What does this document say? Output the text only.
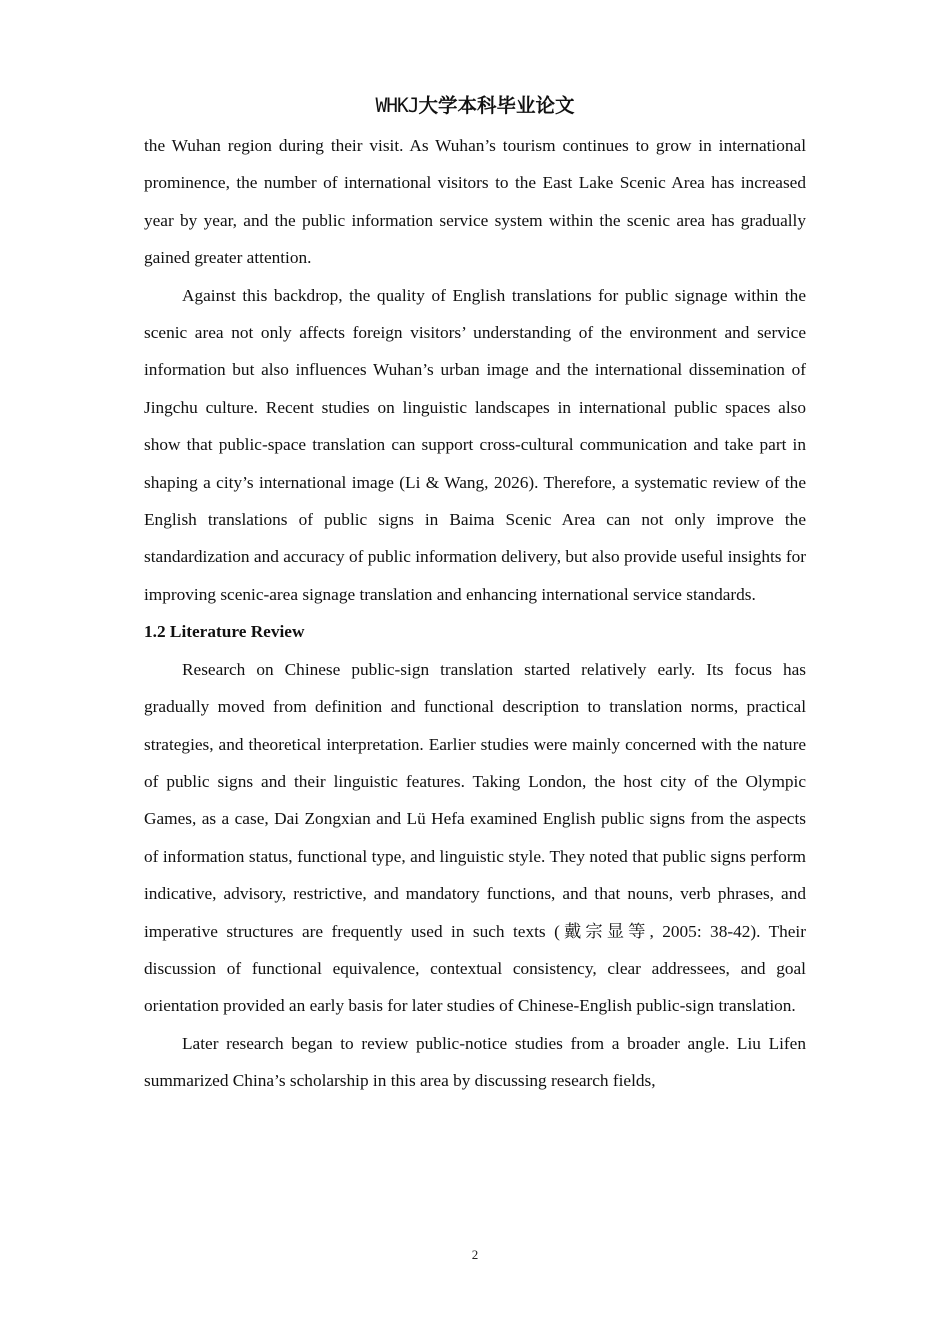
WHKJ大学本科毕业论文

the Wuhan region during their visit. As Wuhan’s tourism continues to grow in international prominence, the number of international visitors to the East Lake Scenic Area has increased year by year, and the public information service system within the scenic area has gradually gained greater attention.

Against this backdrop, the quality of English translations for public signage within the scenic area not only affects foreign visitors’ understanding of the environment and service information but also influences Wuhan’s urban image and the international dissemination of Jingchu culture. Recent studies on linguistic landscapes in international public spaces also show that public-space translation can support cross-cultural communication and take part in shaping a city’s international image (Li & Wang, 2026). Therefore, a systematic review of the English translations of public signs in Baima Scenic Area can not only improve the standardization and accuracy of public information delivery, but also provide useful insights for improving scenic-area signage translation and enhancing international service standards.

1.2 Literature Review

Research on Chinese public-sign translation started relatively early. Its focus has gradually moved from definition and functional description to translation norms, practical strategies, and theoretical interpretation. Earlier studies were mainly concerned with the nature of public signs and their linguistic features. Taking London, the host city of the Olympic Games, as a case, Dai Zongxian and Lü Hefa examined English public signs from the aspects of information status, functional type, and linguistic style. They noted that public signs perform indicative, advisory, restrictive, and mandatory functions, and that nouns, verb phrases, and imperative structures are frequently used in such texts (戴宗显等, 2005: 38-42). Their discussion of functional equivalence, contextual consistency, clear addressees, and goal orientation provided an early basis for later studies of Chinese-English public-sign translation.

Later research began to review public-notice studies from a broader angle. Liu Lifen summarized China’s scholarship in this area by discussing research fields,

2
